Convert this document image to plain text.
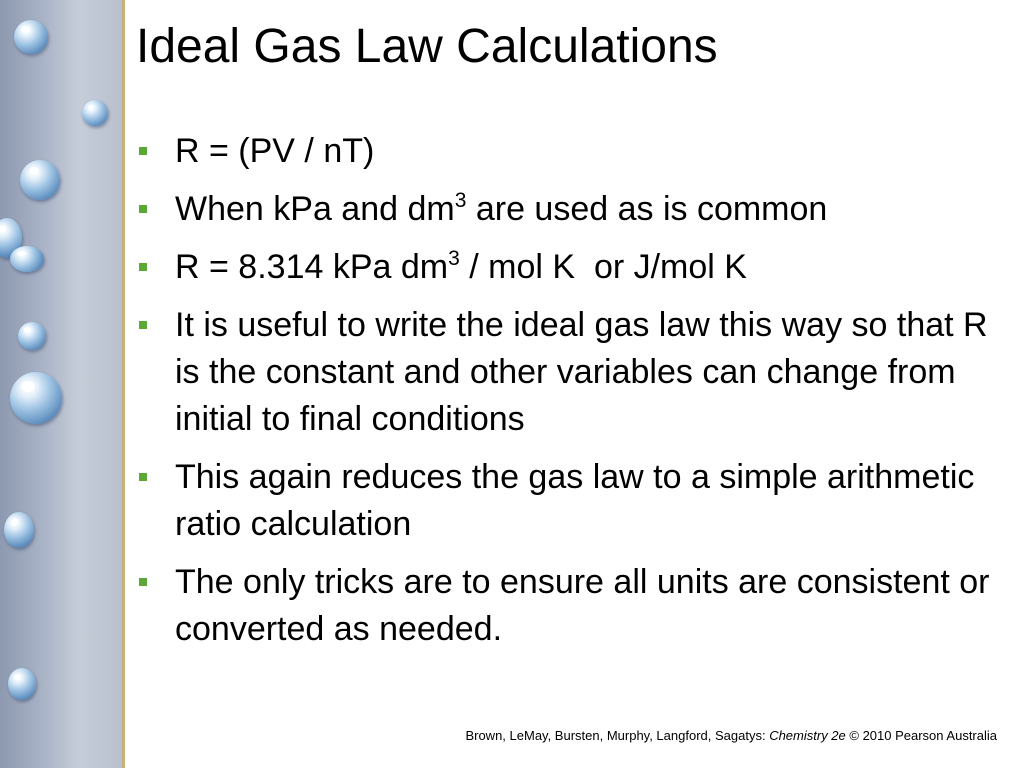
Ideal Gas Law Calculations
R = (PV / nT)
When kPa and $dm^3$ are used as is common
R = 8.314 kPa $dm^3$ / mol K  or J/mol K
It is useful to write the ideal gas law this way so that R is the constant and other variables can change from initial to final conditions
This again reduces the gas law to a simple arithmetic ratio calculation
The only tricks are to ensure all units are consistent or converted as needed.
Brown, LeMay, Bursten, Murphy, Langford, Sagatys: Chemistry 2e © 2010 Pearson Australia
